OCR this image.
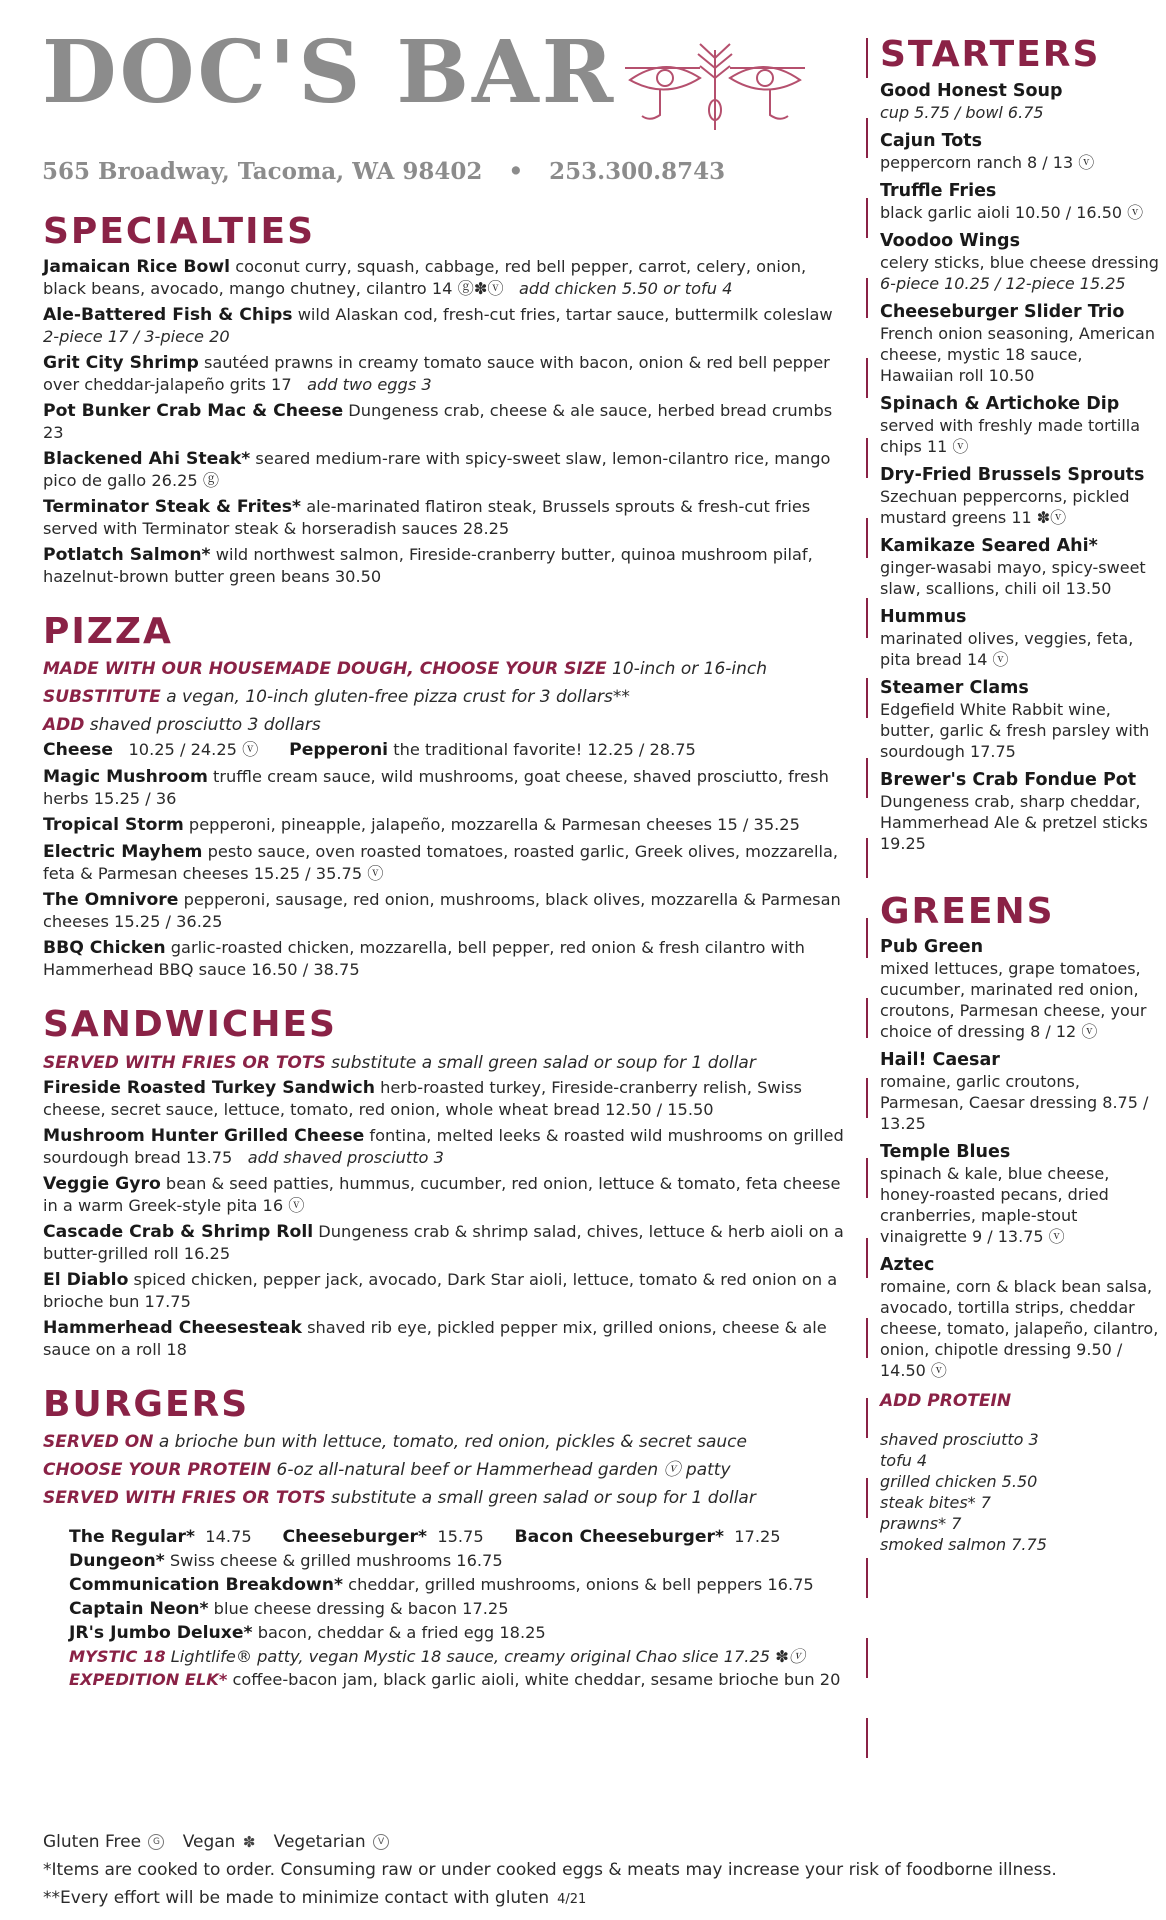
DOC'S BAR
565 Broadway, Tacoma, WA 98402 • 253.300.8743
SPECIALTIES
Jamaican Rice Bowl coconut curry, squash, cabbage, red bell pepper, carrot, celery, onion, black beans, avocado, mango chutney, cilantro 14 ⓖ✽ⓥ add chicken 5.50 or tofu 4
Ale-Battered Fish & Chips wild Alaskan cod, fresh-cut fries, tartar sauce, buttermilk coleslaw
2-piece 17 / 3-piece 20
Grit City Shrimp sautéed prawns in creamy tomato sauce with bacon, onion & red bell pepper over cheddar-jalapeño grits 17 add two eggs 3
Pot Bunker Crab Mac & Cheese Dungeness crab, cheese & ale sauce, herbed bread crumbs 23
Blackened Ahi Steak* seared medium-rare with spicy-sweet slaw, lemon-cilantro rice, mango pico de gallo 26.25 ⓖ
Terminator Steak & Frites* ale-marinated flatiron steak, Brussels sprouts & fresh-cut fries served with Terminator steak & horseradish sauces 28.25
Potlatch Salmon* wild northwest salmon, Fireside-cranberry butter, quinoa mushroom pilaf, hazelnut-brown butter green beans 30.50
PIZZA
MADE WITH OUR HOUSEMADE DOUGH, CHOOSE YOUR SIZE 10-inch or 16-inch
SUBSTITUTE a vegan, 10-inch gluten-free pizza crust for 3 dollars**
ADD shaved prosciutto 3 dollars
Cheese 10.25 / 24.25 ⓥ Pepperoni the traditional favorite! 12.25 / 28.75
Magic Mushroom truffle cream sauce, wild mushrooms, goat cheese, shaved prosciutto, fresh herbs 15.25 / 36
Tropical Storm pepperoni, pineapple, jalapeño, mozzarella & Parmesan cheeses 15 / 35.25
Electric Mayhem pesto sauce, oven roasted tomatoes, roasted garlic, Greek olives, mozzarella, feta & Parmesan cheeses 15.25 / 35.75 ⓥ
The Omnivore pepperoni, sausage, red onion, mushrooms, black olives, mozzarella & Parmesan cheeses 15.25 / 36.25
BBQ Chicken garlic-roasted chicken, mozzarella, bell pepper, red onion & fresh cilantro with Hammerhead BBQ sauce 16.50 / 38.75
SANDWICHES
SERVED WITH FRIES OR TOTS substitute a small green salad or soup for 1 dollar
Fireside Roasted Turkey Sandwich herb-roasted turkey, Fireside-cranberry relish, Swiss cheese, secret sauce, lettuce, tomato, red onion, whole wheat bread 12.50 / 15.50
Mushroom Hunter Grilled Cheese fontina, melted leeks & roasted wild mushrooms on grilled sourdough bread 13.75 add shaved prosciutto 3
Veggie Gyro bean & seed patties, hummus, cucumber, red onion, lettuce & tomato, feta cheese in a warm Greek-style pita 16 ⓥ
Cascade Crab & Shrimp Roll Dungeness crab & shrimp salad, chives, lettuce & herb aioli on a butter-grilled roll 16.25
El Diablo spiced chicken, pepper jack, avocado, Dark Star aioli, lettuce, tomato & red onion on a brioche bun 17.75
Hammerhead Cheesesteak shaved rib eye, pickled pepper mix, grilled onions, cheese & ale sauce on a roll 18
BURGERS
SERVED ON a brioche bun with lettuce, tomato, red onion, pickles & secret sauce
CHOOSE YOUR PROTEIN 6-oz all-natural beef or Hammerhead garden ⓥ patty
SERVED WITH FRIES OR TOTS substitute a small green salad or soup for 1 dollar
The Regular* 14.75 Cheeseburger* 15.75 Bacon Cheeseburger* 17.25
Dungeon* Swiss cheese & grilled mushrooms 16.75
Communication Breakdown* cheddar, grilled mushrooms, onions & bell peppers 16.75
Captain Neon* blue cheese dressing & bacon 17.25
JR's Jumbo Deluxe* bacon, cheddar & a fried egg 18.25
MYSTIC 18 Lightlife® patty, vegan Mystic 18 sauce, creamy original Chao slice 17.25 ✽ⓥ
EXPEDITION ELK* coffee-bacon jam, black garlic aioli, white cheddar, sesame brioche bun 20
STARTERS
Good Honest Soup
cup 5.75 / bowl 6.75
Cajun Tots
peppercorn ranch 8 / 13 ⓥ
Truffle Fries
black garlic aioli 10.50 / 16.50 ⓥ
Voodoo Wings
celery sticks, blue cheese dressing
6-piece 10.25 / 12-piece 15.25
Cheeseburger Slider Trio
French onion seasoning, American cheese, mystic 18 sauce, Hawaiian roll 10.50
Spinach & Artichoke Dip
served with freshly made tortilla chips 11 ⓥ
Dry-Fried Brussels Sprouts
Szechuan peppercorns, pickled mustard greens 11 ✽ⓥ
Kamikaze Seared Ahi*
ginger-wasabi mayo, spicy-sweet slaw, scallions, chili oil 13.50
Hummus
marinated olives, veggies, feta, pita bread 14 ⓥ
Steamer Clams
Edgefield White Rabbit wine, butter, garlic & fresh parsley with sourdough 17.75
Brewer's Crab Fondue Pot
Dungeness crab, sharp cheddar, Hammerhead Ale & pretzel sticks 19.25
GREENS
Pub Green
mixed lettuces, grape tomatoes, cucumber, marinated red onion, croutons, Parmesan cheese, your choice of dressing 8 / 12 ⓥ
Hail! Caesar
romaine, garlic croutons, Parmesan, Caesar dressing 8.75 / 13.25
Temple Blues
spinach & kale, blue cheese, honey-roasted pecans, dried cranberries, maple-stout vinaigrette 9 / 13.75 ⓥ
Aztec
romaine, corn & black bean salsa, avocado, tortilla strips, cheddar cheese, tomato, jalapeño, cilantro, onion, chipotle dressing 9.50 / 14.50 ⓥ
ADD PROTEIN
shaved prosciutto 3
tofu 4
grilled chicken 5.50
steak bites* 7
prawns* 7
smoked salmon 7.75
Gluten Free G Vegan ✽ Vegetarian V
*Items are cooked to order. Consuming raw or under cooked eggs & meats may increase your risk of foodborne illness.
**Every effort will be made to minimize contact with gluten 4/21
